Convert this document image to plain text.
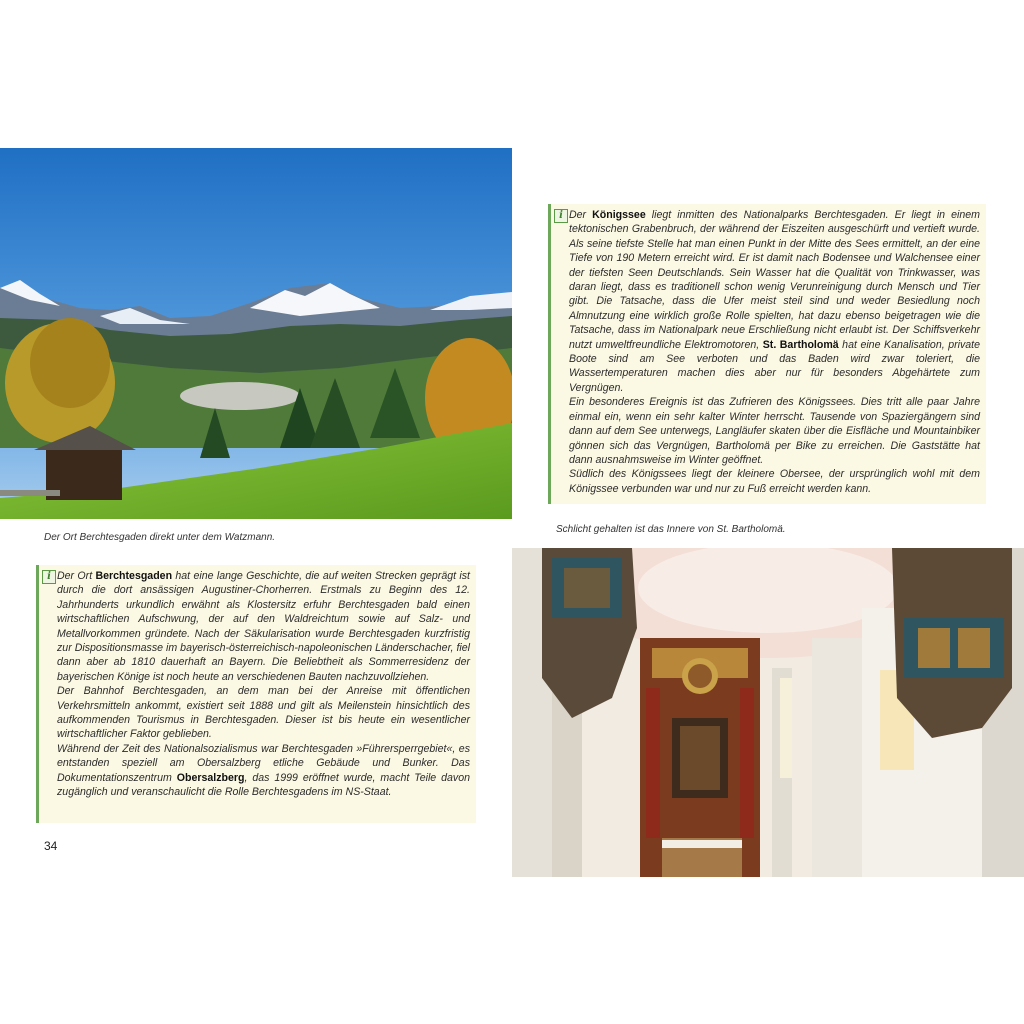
Der Ort Berchtesgaden direkt unter dem Watzmann.
Schlicht gehalten ist das Innere von St. Bartholomä.
i Der Königssee liegt inmitten des Nationalparks Berchtesgaden. Er liegt in einem tektonischen Grabenbruch, der während der Eiszeiten ausgeschürft und vertieft wurde. Als seine tiefste Stelle hat man einen Punkt in der Mitte des Sees ermittelt, an der eine Tiefe von 190 Metern erreicht wird. Er ist damit nach Bodensee und Walchensee einer der tiefsten Seen Deutschlands. Sein Wasser hat die Qualität von Trinkwasser, was daran liegt, dass es traditionell schon wenig Verunreinigung durch Mensch und Tier gibt. Die Tatsache, dass die Ufer meist steil sind und weder Besiedlung noch Almnutzung eine wirklich große Rolle spielten, hat dazu ebenso beigetragen wie die Tatsache, dass im Nationalpark neue Erschließung nicht erlaubt ist. Der Schiffsverkehr nutzt umweltfreundliche Elektromotoren, St. Bartholomä hat eine Kanalisation, private Boote sind am See verboten und das Baden wird zwar toleriert, die Wassertemperaturen machen dies aber nur für besonders Abgehärtete zum Vergnügen.

Ein besonderes Ereignis ist das Zufrieren des Königssees. Dies tritt alle paar Jahre einmal ein, wenn ein sehr kalter Winter herrscht. Tausende von Spaziergängern sind dann auf dem See unterwegs, Langläufer skaten über die Eisfläche und Mountainbiker gönnen sich das Vergnügen, Bartholomä per Bike zu erreichen. Die Gaststätte hat dann ausnahmsweise im Winter geöffnet.

Südlich des Königssees liegt der kleinere Obersee, der ursprünglich wohl mit dem Königssee verbunden war und nur zu Fuß erreicht werden kann.

i Der Ort Berchtesgaden hat eine lange Geschichte, die auf weiten Strecken geprägt ist durch die dort ansässigen Augustiner-Chorherren. Erstmals zu Beginn des 12. Jahrhunderts urkundlich erwähnt als Klostersitz erfuhr Berchtesgaden bald einen wirtschaftlichen Aufschwung, der auf den Waldreichtum sowie auf Salz- und Metallvorkommen gründete. Nach der Säkularisation wurde Berchtesgaden kurzfristig zur Dispositionsmasse im bayerisch-österreichisch-napoleonischen Länderschacher, fiel dann aber ab 1810 dauerhaft an Bayern. Die Beliebtheit als Sommerresidenz der bayerischen Könige ist noch heute an verschiedenen Bauten nachzuvollziehen.

Der Bahnhof Berchtesgaden, an dem man bei der Anreise mit öffentlichen Verkehrsmitteln ankommt, existiert seit 1888 und gilt als Meilenstein hinsichtlich des aufkommenden Tourismus in Berchtesgaden. Dieser ist bis heute ein wesentlicher wirtschaftlicher Faktor geblieben.

Während der Zeit des Nationalsozialismus war Berchtesgaden »Führersperrgebiet«, es entstanden speziell am Obersalzberg etliche Gebäude und Bunker. Das Dokumentationszentrum Obersalzberg, das 1999 eröffnet wurde, macht Teile davon zugänglich und veranschaulicht die Rolle Berchtesgadens im NS-Staat.

34
